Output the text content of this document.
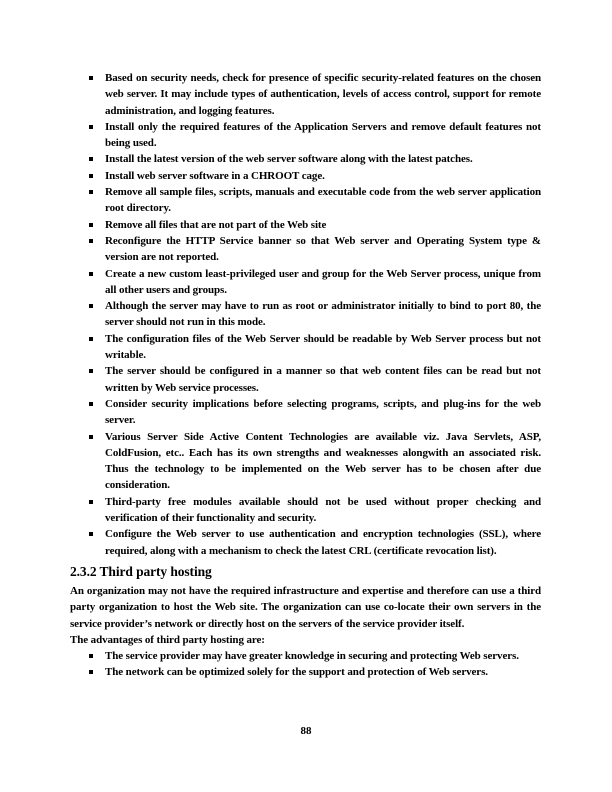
Based on security needs, check for presence of specific security-related features on the chosen web server. It may include types of authentication, levels of access control, support for remote administration, and logging features.
Install only the required features of the Application Servers and remove default features not being used.
Install the latest version of the web server software along with the latest patches.
Install web server software in a CHROOT cage.
Remove all sample files, scripts, manuals and executable code from the web server application root directory.
Remove all files that are not part of the Web site
Reconfigure the HTTP Service banner so that Web server and Operating System type & version are not reported.
Create a new custom least-privileged user and group for the Web Server process, unique from all other users and groups.
Although the server may have to run as root or administrator initially to bind to port 80, the server should not run in this mode.
The configuration files of the Web Server should be readable by Web Server process but not writable.
The server should be configured in a manner so that web content files can be read but not written by Web service processes.
Consider security implications before selecting programs, scripts, and plug-ins for the web server.
Various Server Side Active Content Technologies are available viz. Java Servlets, ASP, ColdFusion, etc.. Each has its own strengths and weaknesses alongwith an associated risk. Thus the technology to be implemented on the Web server has to be chosen after due consideration.
Third-party free modules available should not be used without proper checking and verification of their functionality and security.
Configure the Web server to use authentication and encryption technologies (SSL), where required, along with a mechanism to check the latest CRL (certificate revocation list).
2.3.2 Third party hosting

An organization may not have the required infrastructure and expertise and therefore can use a third party organization to host the Web site. The organization can use co-locate their own servers in the service provider’s network or directly host on the servers of the service provider itself.

The advantages of third party hosting are:

The service provider may have greater knowledge in securing and protecting Web servers.
The network can be optimized solely for the support and protection of Web servers.
88
